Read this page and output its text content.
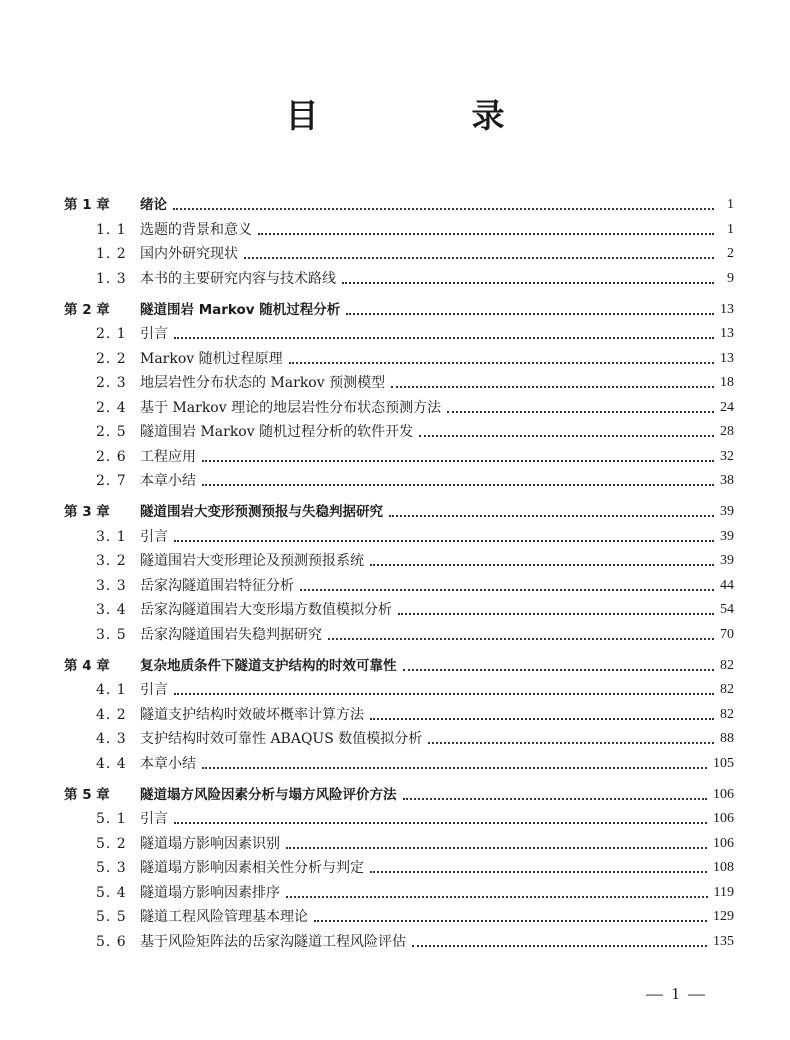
目　录
第 1 章	绪论	1
1. 1 选题的背景和意义	1
1. 2 国内外研究现状	2
1. 3 本书的主要研究内容与技术路线	9
第 2 章	隧道围岩 Markov 随机过程分析	13
2. 1 引言	13
2. 2 Markov 随机过程原理	13
2. 3 地层岩性分布状态的 Markov 预测模型	18
2. 4 基于 Markov 理论的地层岩性分布状态预测方法	24
2. 5 隧道围岩 Markov 随机过程分析的软件开发	28
2. 6 工程应用	32
2. 7 本章小结	38
第 3 章	隧道围岩大变形预测预报与失稳判据研究	39
3. 1 引言	39
3. 2 隧道围岩大变形理论及预测预报系统	39
3. 3 岳家沟隧道围岩特征分析	44
3. 4 岳家沟隧道围岩大变形塌方数值模拟分析	54
3. 5 岳家沟隧道围岩失稳判据研究	70
第 4 章	复杂地质条件下隧道支护结构的时效可靠性	82
4. 1 引言	82
4. 2 隧道支护结构时效破坏概率计算方法	82
4. 3 支护结构时效可靠性 ABAQUS 数值模拟分析	88
4. 4 本章小结	105
第 5 章	隧道塌方风险因素分析与塌方风险评价方法	106
5. 1 引言	106
5. 2 隧道塌方影响因素识别	106
5. 3 隧道塌方影响因素相关性分析与判定	108
5. 4 隧道塌方影响因素排序	119
5. 5 隧道工程风险管理基本理论	129
5. 6 基于风险矩阵法的岳家沟隧道工程风险评估	135
— 1 —
